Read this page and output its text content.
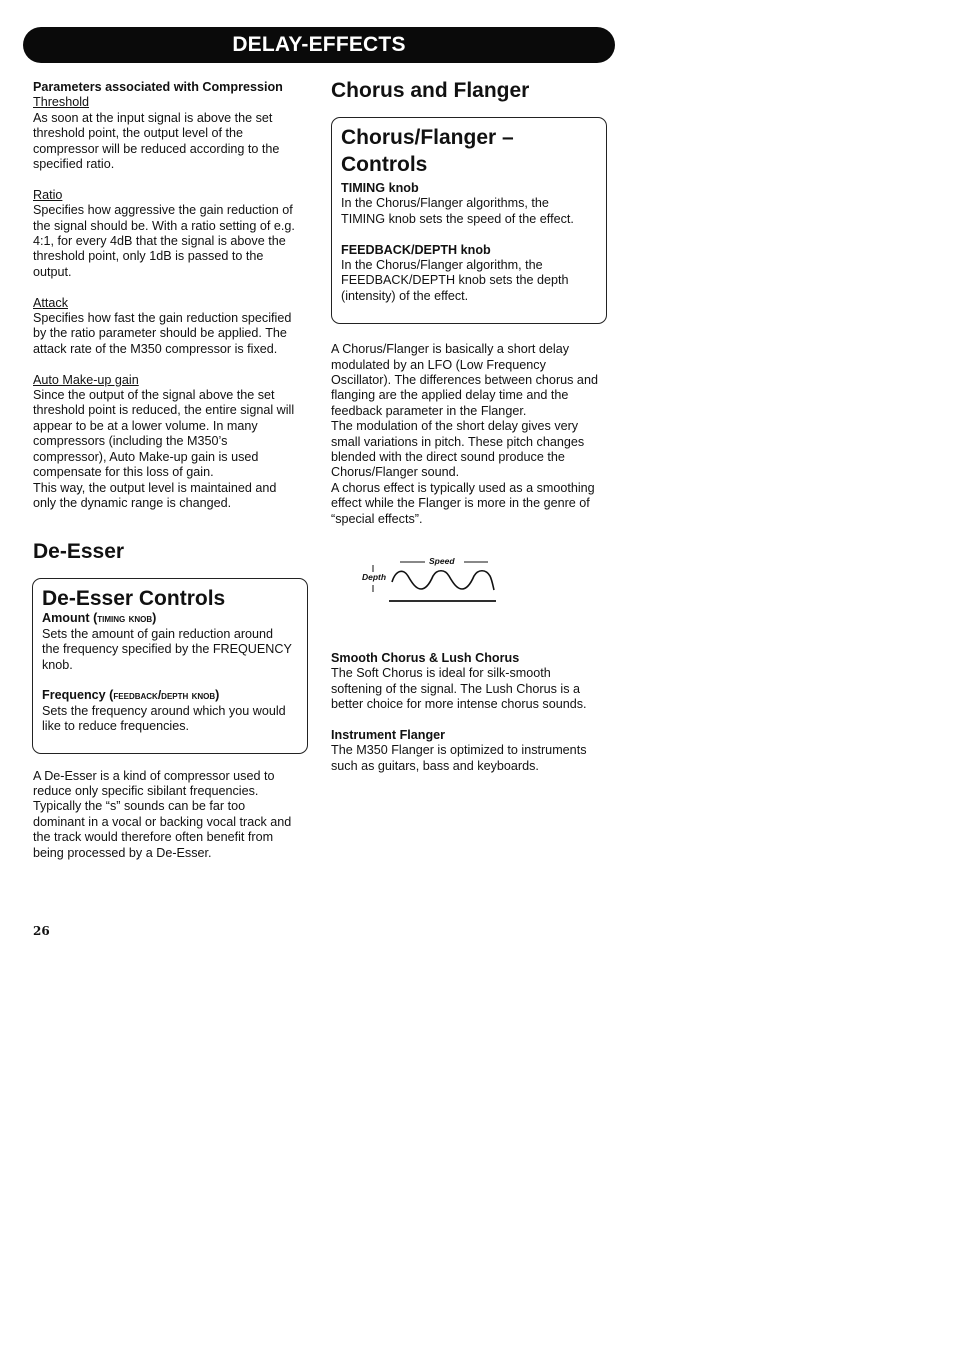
DELAY-EFFECTS
Parameters associated with Compression
Threshold
As soon at the input signal is above the set
threshold point, the output level of the
compressor will be reduced according to the
specified ratio.
Ratio
Specifies how aggressive the gain reduction of
the signal should be. With a ratio setting of e.g.
4:1, for every 4dB that the signal is above the
threshold point, only 1dB is passed to the
output.
Attack
Specifies how fast the gain reduction specified
by the ratio parameter should be applied. The
attack rate of the M350 compressor is fixed.
Auto Make-up gain
Since the output of the signal above the set
threshold point is reduced, the entire signal will
appear to be at a lower volume. In many
compressors (including the M350’s
compressor), Auto Make-up gain is used
compensate for this loss of gain.
This way, the output level is maintained and
only the dynamic range is changed.
De-Esser
De-Esser Controls
Amount (timing knob)
Sets the amount of gain reduction around
the frequency specified by the FREQUENCY
knob.
Frequency (feedback/depth knob)
Sets the frequency around which you would
like to reduce frequencies.
A De-Esser is a kind of compressor used to
reduce only specific sibilant frequencies.
Typically the “s” sounds can be far too
dominant in a vocal or backing vocal track and
the track would therefore often benefit from
being processed by a De-Esser.
Chorus and Flanger
Chorus/Flanger –
Controls
TIMING knob
In the Chorus/Flanger algorithms, the
TIMING knob sets the speed of the effect.
FEEDBACK/DEPTH knob
In the Chorus/Flanger algorithm, the
FEEDBACK/DEPTH knob sets the depth
(intensity) of the effect.
A Chorus/Flanger is basically a short delay
modulated by an LFO (Low Frequency
Oscillator). The differences between chorus and
flanging are the applied delay time and the
feedback parameter in the Flanger.
The modulation of the short delay gives very
small variations in pitch. These pitch changes
blended with the direct sound produce the
Chorus/Flanger sound.
A chorus effect is typically used as a smoothing
effect while the Flanger is more in the genre of
“special effects”.
Speed
Depth
Smooth Chorus & Lush Chorus
The Soft Chorus is ideal for silk-smooth
softening of the signal. The Lush Chorus is a
better choice for more intense chorus sounds.
Instrument Flanger
The M350 Flanger is optimized to instruments
such as guitars, bass and keyboards.
26
